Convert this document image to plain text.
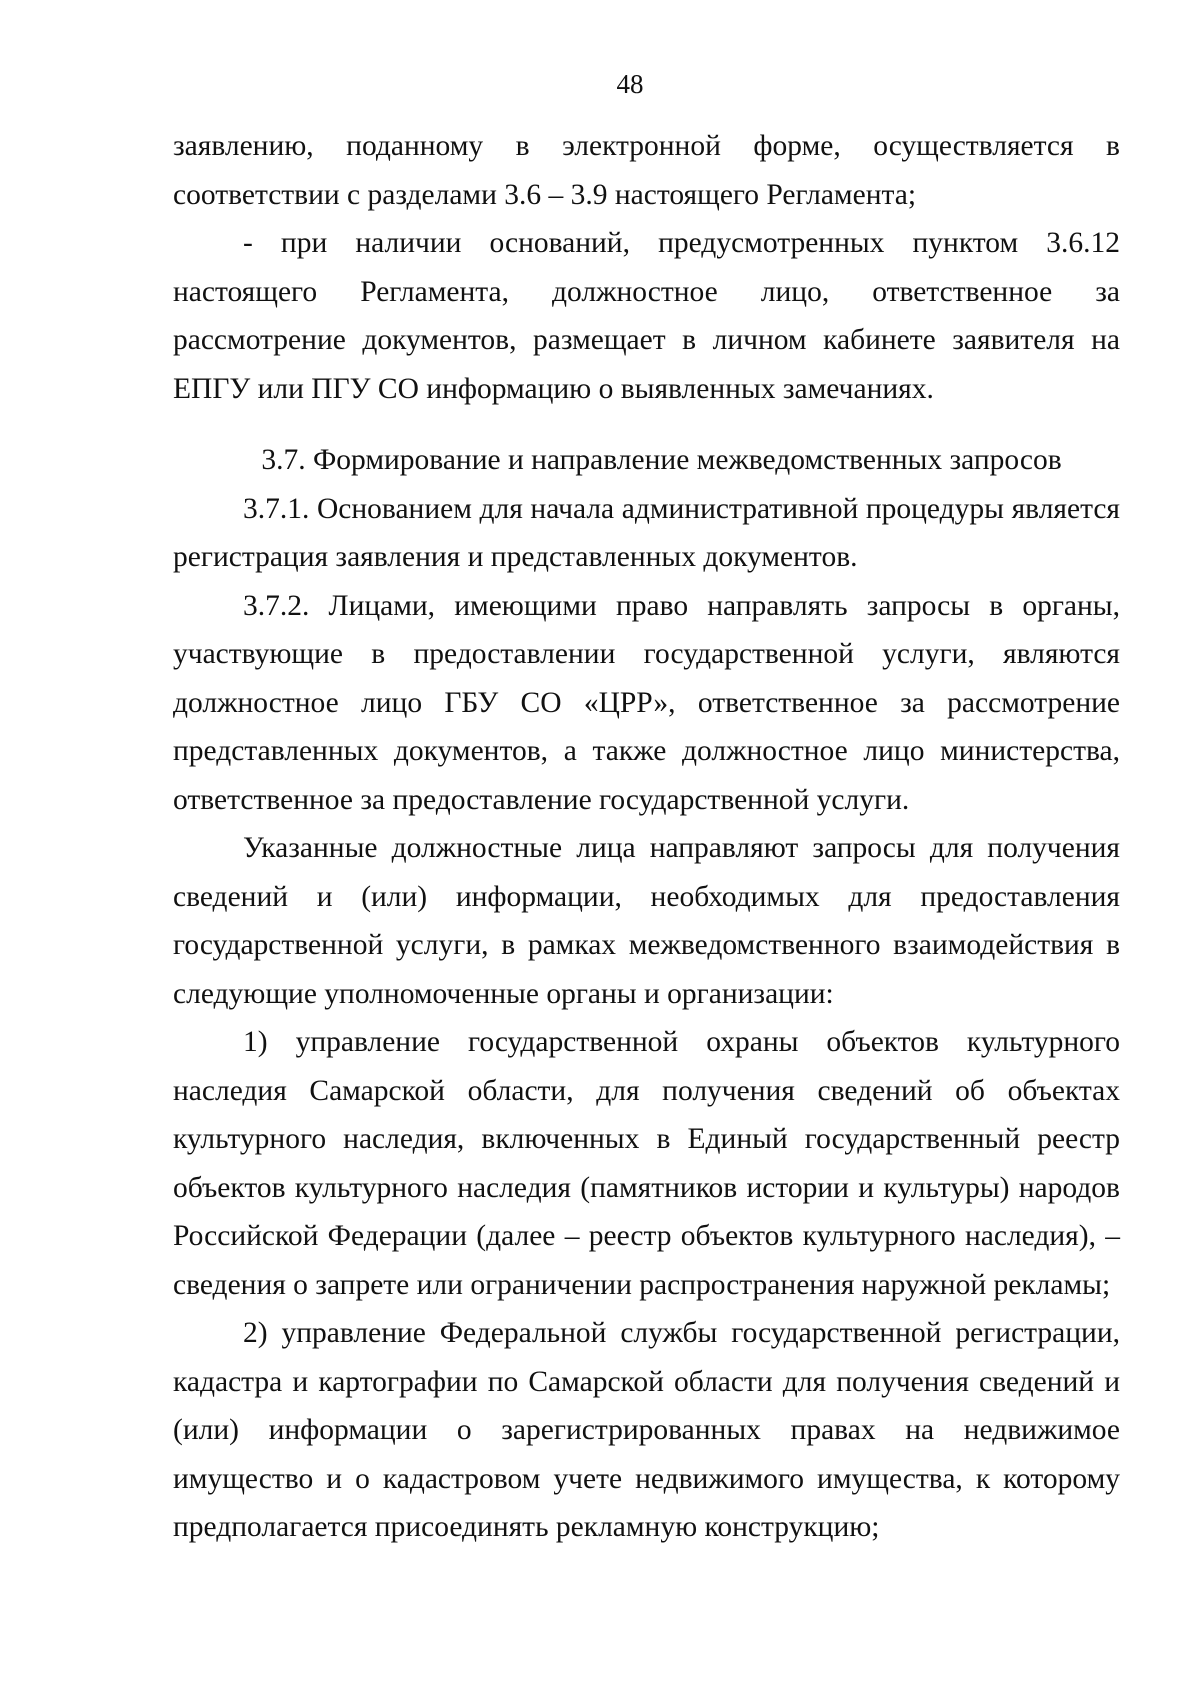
48

заявлению, поданному в электронной форме, осуществляется в соответствии с разделами 3.6 – 3.9 настоящего Регламента;

- при наличии оснований, предусмотренных пунктом 3.6.12 настоящего Регламента, должностное лицо, ответственное за рассмотрение документов, размещает в личном кабинете заявителя на ЕПГУ или ПГУ СО информацию о выявленных замечаниях.

3.7. Формирование и направление межведомственных запросов

3.7.1. Основанием для начала административной процедуры является регистрация заявления и представленных документов.

3.7.2. Лицами, имеющими право направлять запросы в органы, участвующие в предоставлении государственной услуги, являются должностное лицо ГБУ СО «ЦРР», ответственное за рассмотрение представленных документов, а также должностное лицо министерства, ответственное за предоставление государственной услуги.

Указанные должностные лица направляют запросы для получения сведений и (или) информации, необходимых для предоставления государственной услуги, в рамках межведомственного взаимодействия в следующие уполномоченные органы и организации:

1) управление государственной охраны объектов культурного наследия Самарской области, для получения сведений об объектах культурного наследия, включенных в Единый государственный реестр объектов культурного наследия (памятников истории и культуры) народов Российской Федерации (далее – реестр объектов культурного наследия), – сведения о запрете или ограничении распространения наружной рекламы;

2) управление Федеральной службы государственной регистрации, кадастра и картографии по Самарской области для получения сведений и (или) информации о зарегистрированных правах на недвижимое имущество и о кадастровом учете недвижимого имущества, к которому предполагается присоединять рекламную конструкцию;
